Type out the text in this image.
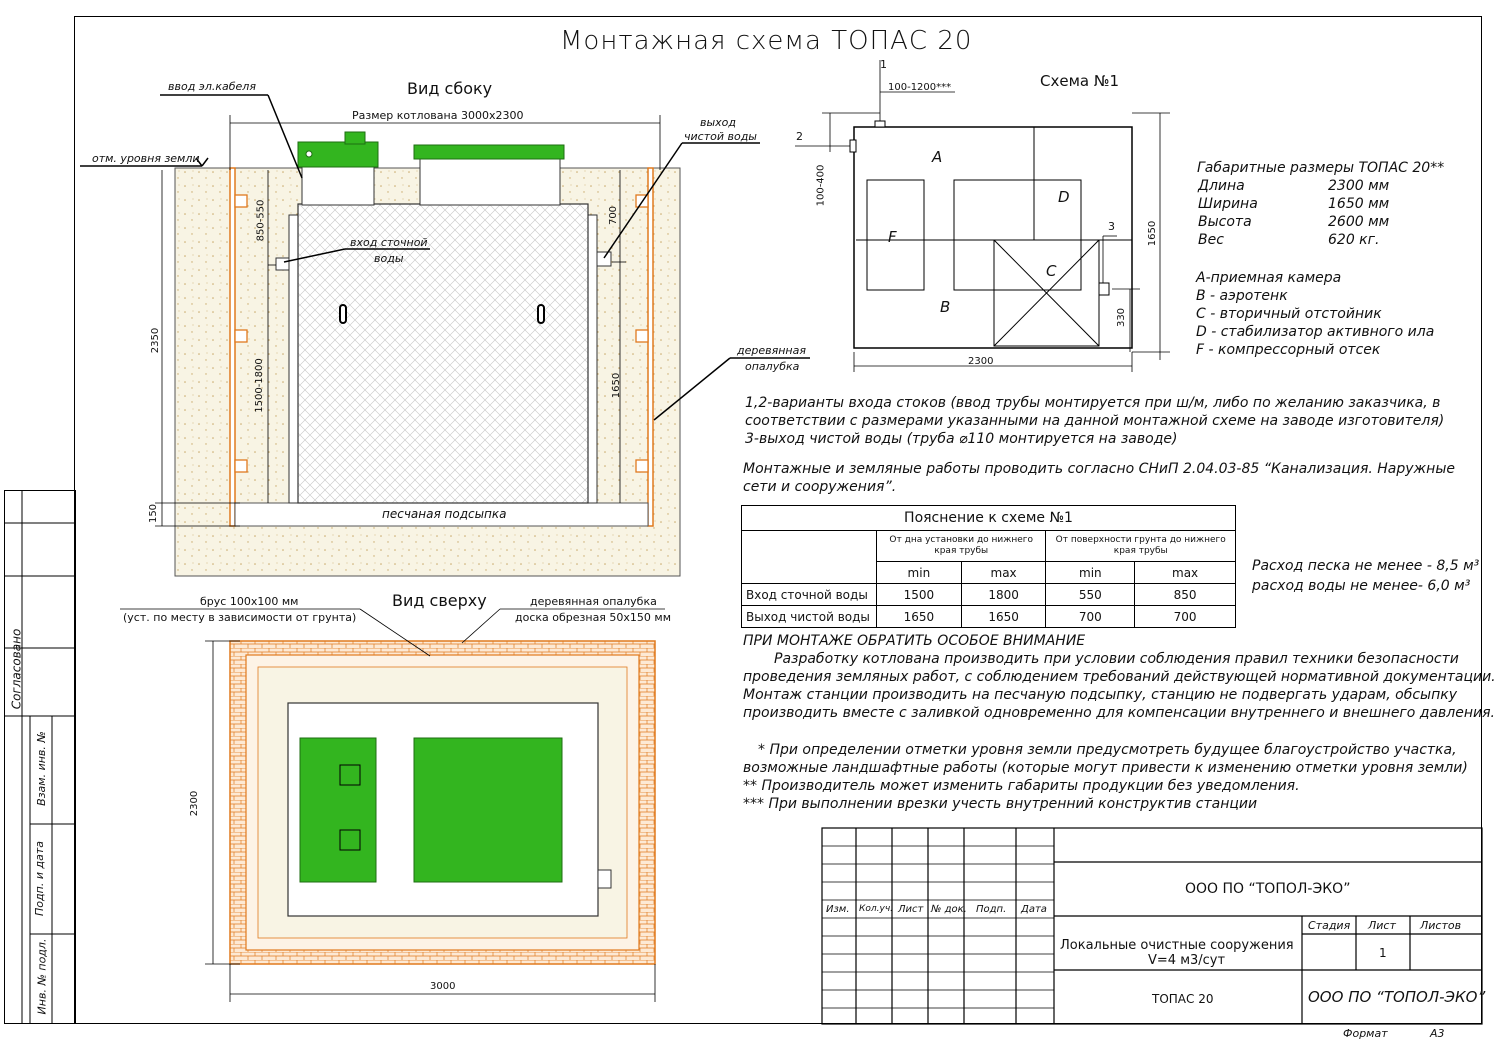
Монтажная схема ТОПАС 20
Вид сбоку
Размер котлована 3000x2300
ввод эл.кабеля
отм. уровня земли
выход
чистой воды
вход сточной
воды
деревянная
опалубка
песчаная подсыпка
2350
850-550
1500-1800
150
700
1650
Вид сверху
брус 100x100 мм
(уст. по месту в зависимости от грунта)
деревянная опалубка
доска обрезная 50x150 мм
2300
3000
Схема №1
1
2
3
100-1200***
100-400
1650
330
2300
A
B
C
D
F
Габаритные размеры ТОПАС 20**
Длина	2300 мм
Ширина	1650 мм
Высота	2600 мм
Вес	620 кг.
A-приемная камера
B - аэротенк
C - вторичный отстойник
D - стабилизатор активного ила
F - компрессорный отсек
1,2-варианты входа стоков (ввод трубы монтируется при ш/м, либо по желанию заказчика, в
соответствии с размерами указанными на данной монтажной схеме на заводе изготовителя)
3-выход чистой воды (труба ⌀110 монтируется на заводе)
Монтажные и земляные работы проводить согласно СНиП 2.04.03-85 “Канализация. Наружные
сети и сооружения”.
Расход песка не менее - 8,5 м³
расход воды не менее- 6,0 м³
ПРИ МОНТАЖЕ ОБРАТИТЬ ОСОБОЕ ВНИМАНИЕ
Разработку котлована производить при условии соблюдения правил техники безопасности
проведения земляных работ, с соблюдением требований действующей нормативной документации.
Монтаж станции производить на песчаную подсыпку, станцию не подвергать ударам, обсыпку
производить вместе с заливкой одновременно для компенсации внутреннего и внешнего давления.
* При определении отметки уровня земли предусмотреть будущее благоустройство участка,
возможные ландшафтные работы (которые могут привести к изменению отметки уровня земли)
** Производитель может изменить габариты продукции без уведомления.
*** При выполнении врезки учесть внутренний конструктив станции
Пояснение к схеме №1				
	От дна установки до нижнего края трубы		От поверхности грунта до нижнего края трубы	
	min	max	min	max
Вход сточной воды	1500	1800	550	850
Выход чистой воды	1650	1650	700	700
Согласовано
Взам. инв. №
Подп. и дата
Инв. № подл.
Изм. Кол.уч. Лист № док. Подп. Дата
ООО ПО “ТОПОЛ-ЭКО”
Стадия Лист Листов
1
Локальные очистные сооружения
V=4 м3/сут
ТОПАС 20	ООО ПО “ТОПОЛ-ЭКО”
Формат	А3
